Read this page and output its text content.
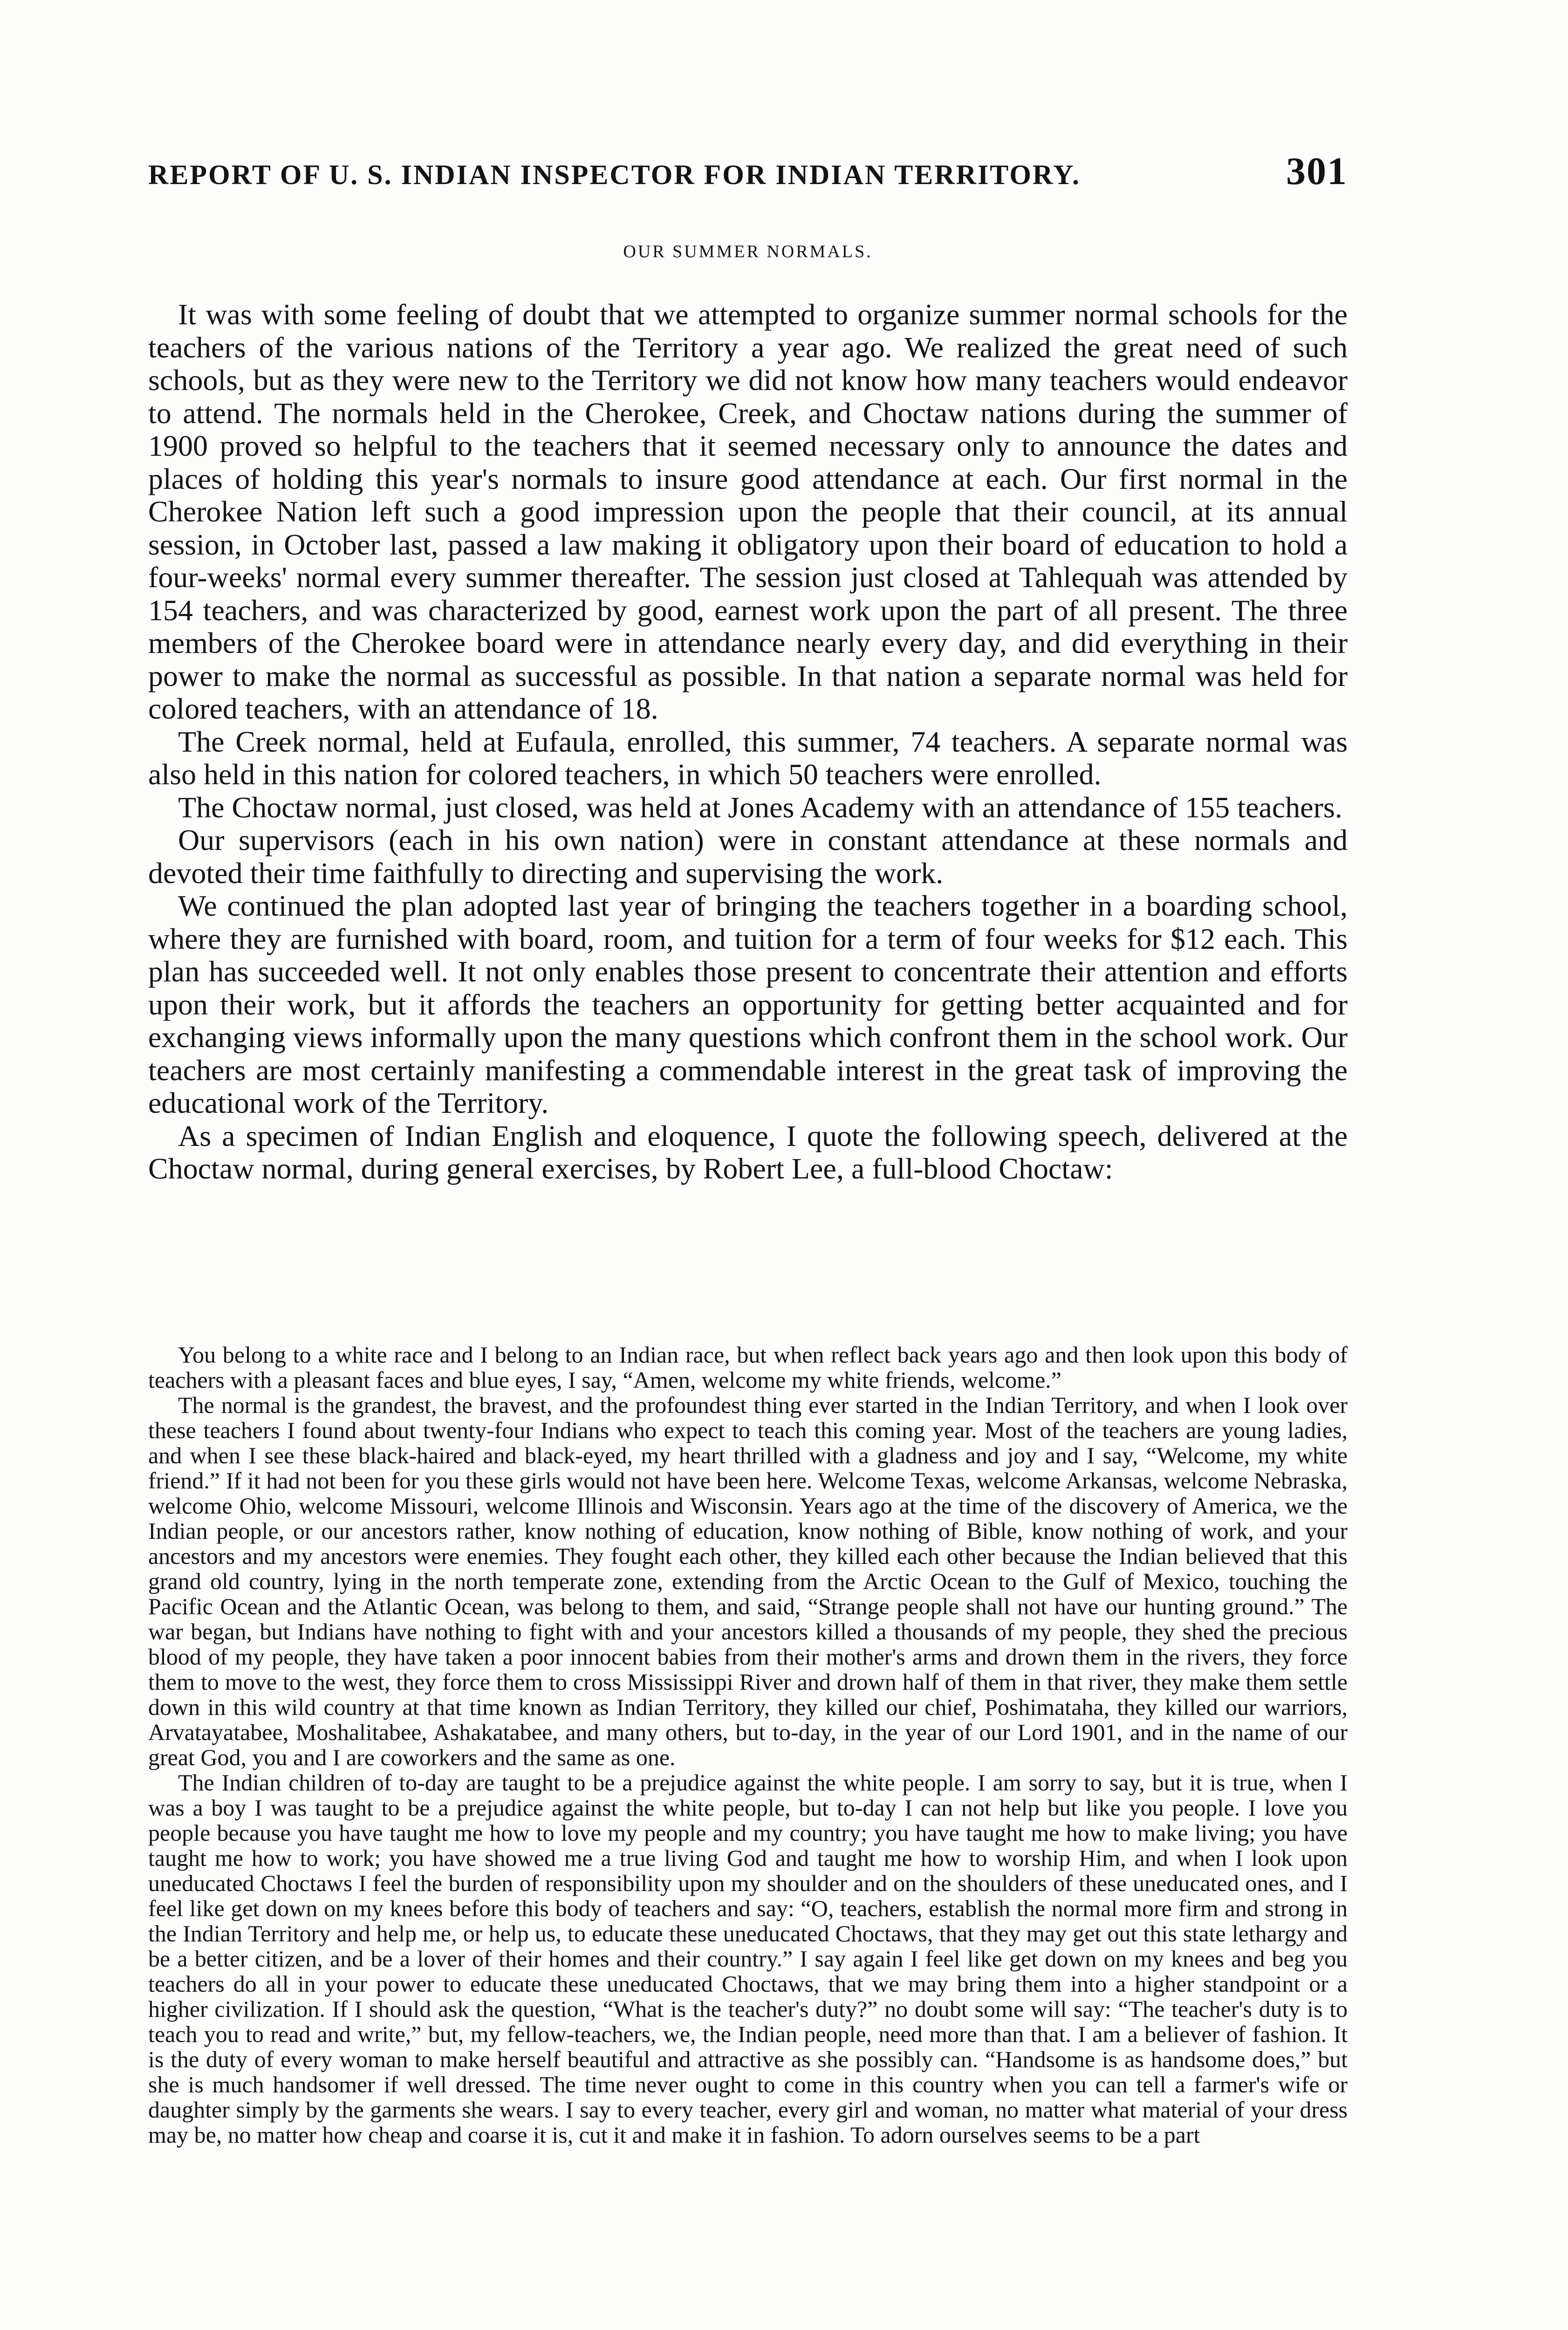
REPORT OF U. S. INDIAN INSPECTOR FOR INDIAN TERRITORY.	301
OUR SUMMER NORMALS.

It was with some feeling of doubt that we attempted to organize summer normal schools for the teachers of the various nations of the Territory a year ago. We realized the great need of such schools, but as they were new to the Territory we did not know how many teachers would endeavor to attend. The normals held in the Cherokee, Creek, and Choctaw nations during the summer of 1900 proved so helpful to the teachers that it seemed necessary only to announce the dates and places of holding this year's normals to insure good attendance at each. Our first normal in the Cherokee Nation left such a good impression upon the people that their council, at its annual session, in October last, passed a law making it obligatory upon their board of education to hold a four-weeks' normal every summer thereafter. The session just closed at Tahlequah was attended by 154 teachers, and was characterized by good, earnest work upon the part of all present. The three members of the Cherokee board were in attendance nearly every day, and did everything in their power to make the normal as successful as possible. In that nation a separate normal was held for colored teachers, with an attendance of 18.

The Creek normal, held at Eufaula, enrolled, this summer, 74 teachers. A separate normal was also held in this nation for colored teachers, in which 50 teachers were enrolled.

The Choctaw normal, just closed, was held at Jones Academy with an attendance of 155 teachers.

Our supervisors (each in his own nation) were in constant attendance at these normals and devoted their time faithfully to directing and supervising the work.

We continued the plan adopted last year of bringing the teachers together in a boarding school, where they are furnished with board, room, and tuition for a term of four weeks for $12 each. This plan has succeeded well. It not only enables those present to concentrate their attention and efforts upon their work, but it affords the teachers an opportunity for getting better acquainted and for exchanging views informally upon the many questions which confront them in the school work. Our teachers are most certainly manifesting a commendable interest in the great task of improving the educational work of the Territory.

As a specimen of Indian English and eloquence, I quote the following speech, delivered at the Choctaw normal, during general exercises, by Robert Lee, a full-blood Choctaw:

You belong to a white race and I belong to an Indian race, but when reflect back years ago and then look upon this body of teachers with a pleasant faces and blue eyes, I say, “Amen, welcome my white friends, welcome.”

The normal is the grandest, the bravest, and the profoundest thing ever started in the Indian Territory, and when I look over these teachers I found about twenty-four Indians who expect to teach this coming year. Most of the teachers are young ladies, and when I see these black-haired and black-eyed, my heart thrilled with a gladness and joy and I say, “Welcome, my white friend.” If it had not been for you these girls would not have been here. Welcome Texas, welcome Arkansas, welcome Nebraska, welcome Ohio, welcome Missouri, welcome Illinois and Wisconsin. Years ago at the time of the discovery of America, we the Indian people, or our ancestors rather, know nothing of education, know nothing of Bible, know nothing of work, and your ancestors and my ancestors were enemies. They fought each other, they killed each other because the Indian believed that this grand old country, lying in the north temperate zone, extending from the Arctic Ocean to the Gulf of Mexico, touching the Pacific Ocean and the Atlantic Ocean, was belong to them, and said, “Strange people shall not have our hunting ground.” The war began, but Indians have nothing to fight with and your ancestors killed a thousands of my people, they shed the precious blood of my people, they have taken a poor innocent babies from their mother's arms and drown them in the rivers, they force them to move to the west, they force them to cross Mississippi River and drown half of them in that river, they make them settle down in this wild country at that time known as Indian Territory, they killed our chief, Poshimataha, they killed our warriors, Arvatayatabee, Moshalitabee, Ashakatabee, and many others, but to-day, in the year of our Lord 1901, and in the name of our great God, you and I are coworkers and the same as one.

The Indian children of to-day are taught to be a prejudice against the white people. I am sorry to say, but it is true, when I was a boy I was taught to be a prejudice against the white people, but to-day I can not help but like you people. I love you people because you have taught me how to love my people and my country; you have taught me how to make living; you have taught me how to work; you have showed me a true living God and taught me how to worship Him, and when I look upon uneducated Choctaws I feel the burden of responsibility upon my shoulder and on the shoulders of these uneducated ones, and I feel like get down on my knees before this body of teachers and say: “O, teachers, establish the normal more firm and strong in the Indian Territory and help me, or help us, to educate these uneducated Choctaws, that they may get out this state lethargy and be a better citizen, and be a lover of their homes and their country.” I say again I feel like get down on my knees and beg you teachers do all in your power to educate these uneducated Choctaws, that we may bring them into a higher standpoint or a higher civilization. If I should ask the question, “What is the teacher's duty?” no doubt some will say: “The teacher's duty is to teach you to read and write,” but, my fellow-teachers, we, the Indian people, need more than that. I am a believer of fashion. It is the duty of every woman to make herself beautiful and attractive as she possibly can. “Handsome is as handsome does,” but she is much handsomer if well dressed. The time never ought to come in this country when you can tell a farmer's wife or daughter simply by the garments she wears. I say to every teacher, every girl and woman, no matter what material of your dress may be, no matter how cheap and coarse it is, cut it and make it in fashion. To adorn ourselves seems to be a part
